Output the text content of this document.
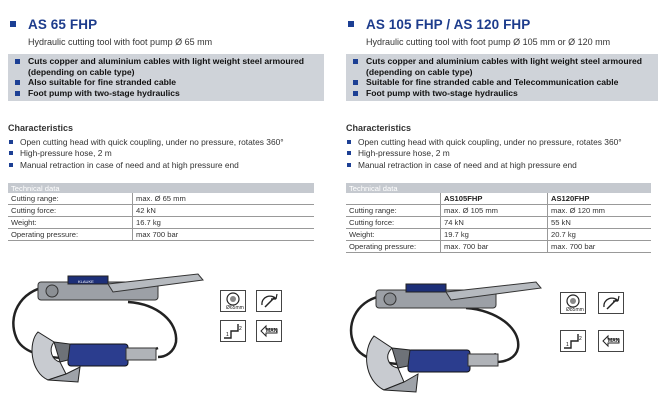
AS 65 FHP
Hydraulic cutting tool with foot pump Ø 65 mm
Cuts copper and aluminium cables with light weight steel armoured (depending on cable type)
Also suitable for fine stranded cable
Foot pump with two-stage hydraulics
Characteristics
Open cutting head with quick coupling, under no pressure, rotates 360°
High-pressure hose, 2 m
Manual retraction in case of need and at high pressure end
Technical data	
Cutting range:	max. Ø 65 mm
Cutting force:	42 kN
Weight:	16.7 kg
Operating pressure:	max 700 bar
KLAUKE
Ø65mm
1
2	MAN
AS 105 FHP / AS 120 FHP
Hydraulic cutting tool with foot pump Ø 105 mm or Ø 120 mm
Cuts copper and aluminium cables with light weight steel armoured (depending on cable type)
Suitable for fine stranded cable and Telecommunication cable
Foot pump with two-stage hydraulics
Characteristics
Open cutting head with quick coupling, under no pressure, rotates 360°
High-pressure hose, 2 m
Manual retraction in case of need and at high pressure end
Technical data		
	AS105FHP	AS120FHP
Cutting range:	max. Ø 105 mm	max. Ø 120 mm
Cutting force:	74 kN	55 kN
Weight:	19.7 kg	20.7 kg
Operating pressure:	max. 700 bar	max. 700 bar
Ø85mm
1
2	MAN
